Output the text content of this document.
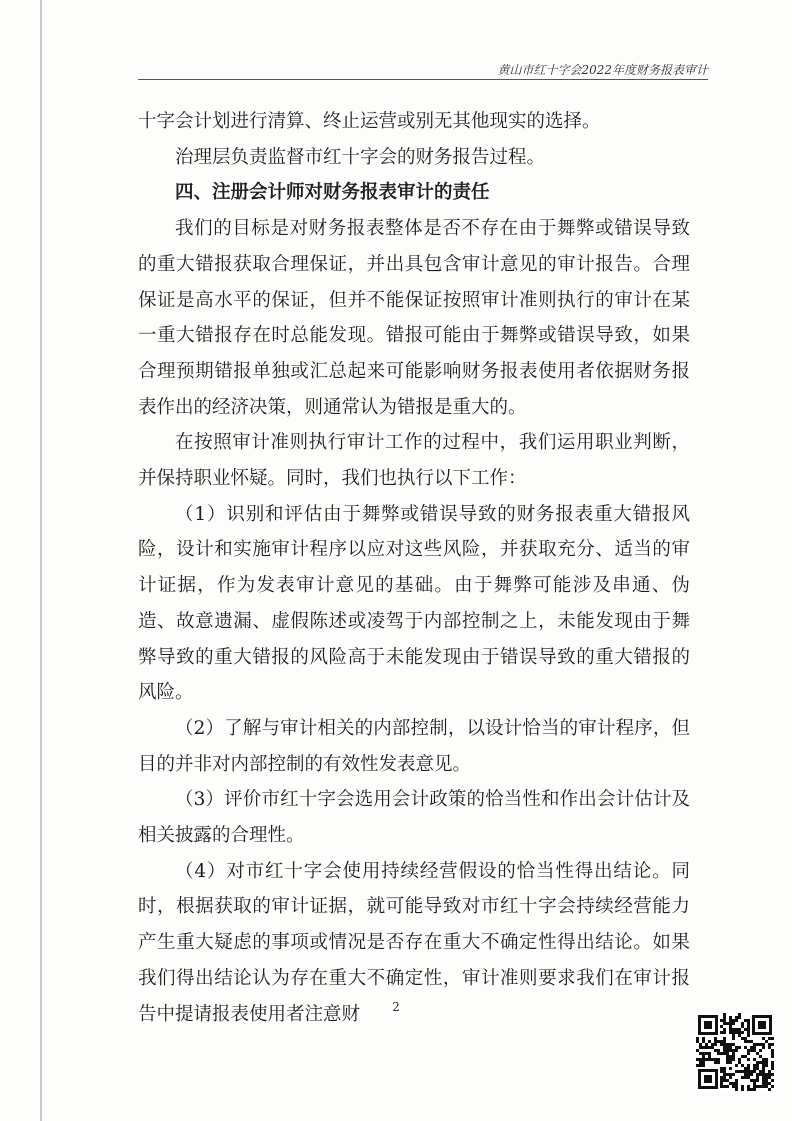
黄山市红十字会2022年度财务报表审计

十字会计划进行清算、终止运营或别无其他现实的选择。

治理层负责监督市红十字会的财务报告过程。

四、注册会计师对财务报表审计的责任

我们的目标是对财务报表整体是否不存在由于舞弊或错误导致的重大错报获取合理保证，并出具包含审计意见的审计报告。合理保证是高水平的保证，但并不能保证按照审计准则执行的审计在某一重大错报存在时总能发现。错报可能由于舞弊或错误导致，如果合理预期错报单独或汇总起来可能影响财务报表使用者依据财务报表作出的经济决策，则通常认为错报是重大的。

在按照审计准则执行审计工作的过程中，我们运用职业判断，并保持职业怀疑。同时，我们也执行以下工作：

（1）识别和评估由于舞弊或错误导致的财务报表重大错报风险，设计和实施审计程序以应对这些风险，并获取充分、适当的审计证据，作为发表审计意见的基础。由于舞弊可能涉及串通、伪造、故意遗漏、虚假陈述或凌驾于内部控制之上，未能发现由于舞弊导致的重大错报的风险高于未能发现由于错误导致的重大错报的风险。

（2）了解与审计相关的内部控制，以设计恰当的审计程序，但目的并非对内部控制的有效性发表意见。

（3）评价市红十字会选用会计政策的恰当性和作出会计估计及相关披露的合理性。

（4）对市红十字会使用持续经营假设的恰当性得出结论。同时，根据获取的审计证据，就可能导致对市红十字会持续经营能力产生重大疑虑的事项或情况是否存在重大不确定性得出结论。如果我们得出结论认为存在重大不确定性，审计准则要求我们在审计报告中提请报表使用者注意财	2
